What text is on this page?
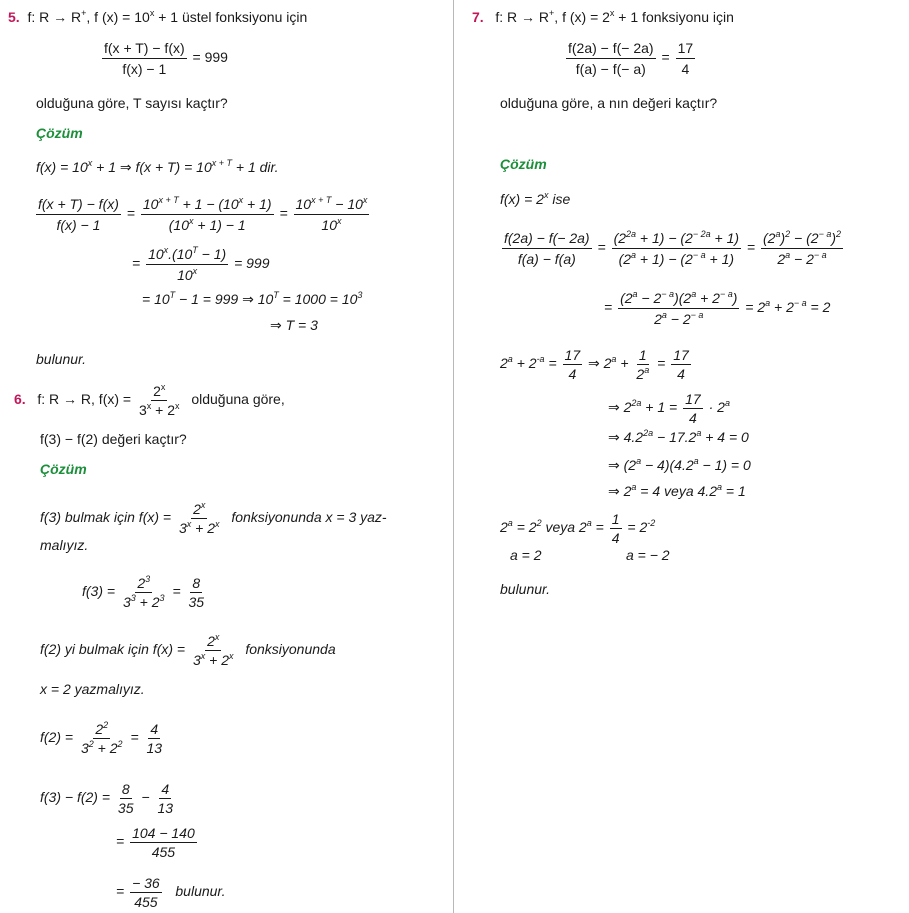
5. f: R → R+, f $(x) = 10^x + 1$ üstel fonksiyonu için
$\frac{f(x + T) - f(x)}{f(x) - 1} = 999$
olduğuna göre, T sayısı kaçtır?
Çözüm
$f(x) = 10^x + 1$ ⇒ $f(x + T) = 10^{x + T} + 1$ dir.
$\frac{f(x + T) - f(x)}{f(x) - 1} = \frac{10^{x + T} + 1 - (10^x + 1)}{(10^x + 1) - 1} = \frac{10^{x + T} - 10^x}{10^x}$
= $\frac{10^x.(10^T - 1)}{10^x} = 999$
= $10^T - 1 = 999$ ⇒ $10^T = 1000 = 10^3$
⇒ T = 3
bulunur.
6. f: R → R, $f(x) = \frac{2^x}{3^x + 2^x}$ olduğuna göre,
f(3) − f(2) değeri kaçtır?
Çözüm
f(3) bulmak için $f(x) = \frac{2^x}{3^x + 2^x}$ fonksiyonunda x = 3 yaz-
malıyız.
$f(3) = \frac{2^3}{3^3 + 2^3} = \frac{8}{35}$
f(2) yi bulmak için $f(x) = \frac{2^x}{3^x + 2^x}$ fonksiyonunda
x = 2 yazmalıyız.
$f(2) = \frac{2^2}{3^2 + 2^2} = \frac{4}{13}$
$f(3) - f(2) = \frac{8}{35} - \frac{4}{13}$
= $\frac{104 - 140}{455}$
= $\frac{- 36}{455}$ bulunur.
7. f: R → R+, f $(x) = 2^x + 1$ fonksiyonu için
$\frac{f(2a) - f(- 2a)}{f(a) - f(- a)} = \frac{17}{4}$
olduğuna göre, a nın değeri kaçtır?
Çözüm
$f(x) = 2^x$ ise
$\frac{f(2a) - f(- 2a)}{f(a) - f(a)} = \frac{(2^{2a} + 1) - (2^{- 2a} + 1)}{(2^a + 1) - (2^{- a} + 1)} = \frac{(2^a)^2 - (2^{- a})^2}{2^a - 2^{- a}}$
= $\frac{(2^a - 2^{- a})(2^a + 2^{- a})}{2^a - 2^{- a}} = 2^a + 2^{- a} = 2$
$2^a + 2^{-a} = \frac{17}{4}$ ⇒ $2^a + \frac{1}{2^a} = \frac{17}{4}$
⇒ $2^{2a} + 1 = \frac{17}{4} \cdot 2^a$
⇒ $4.2^{2a} - 17.2^a + 4 = 0$
⇒ $(2^a - 4)(4.2^a - 1) = 0$
⇒ $2^a = 4$ veya 4.2$^a$ = 1
$2^a = 2^2$ veya $2^a = \frac{1}{4} = 2^{-2}$
a = 2	a = − 2
bulunur.
